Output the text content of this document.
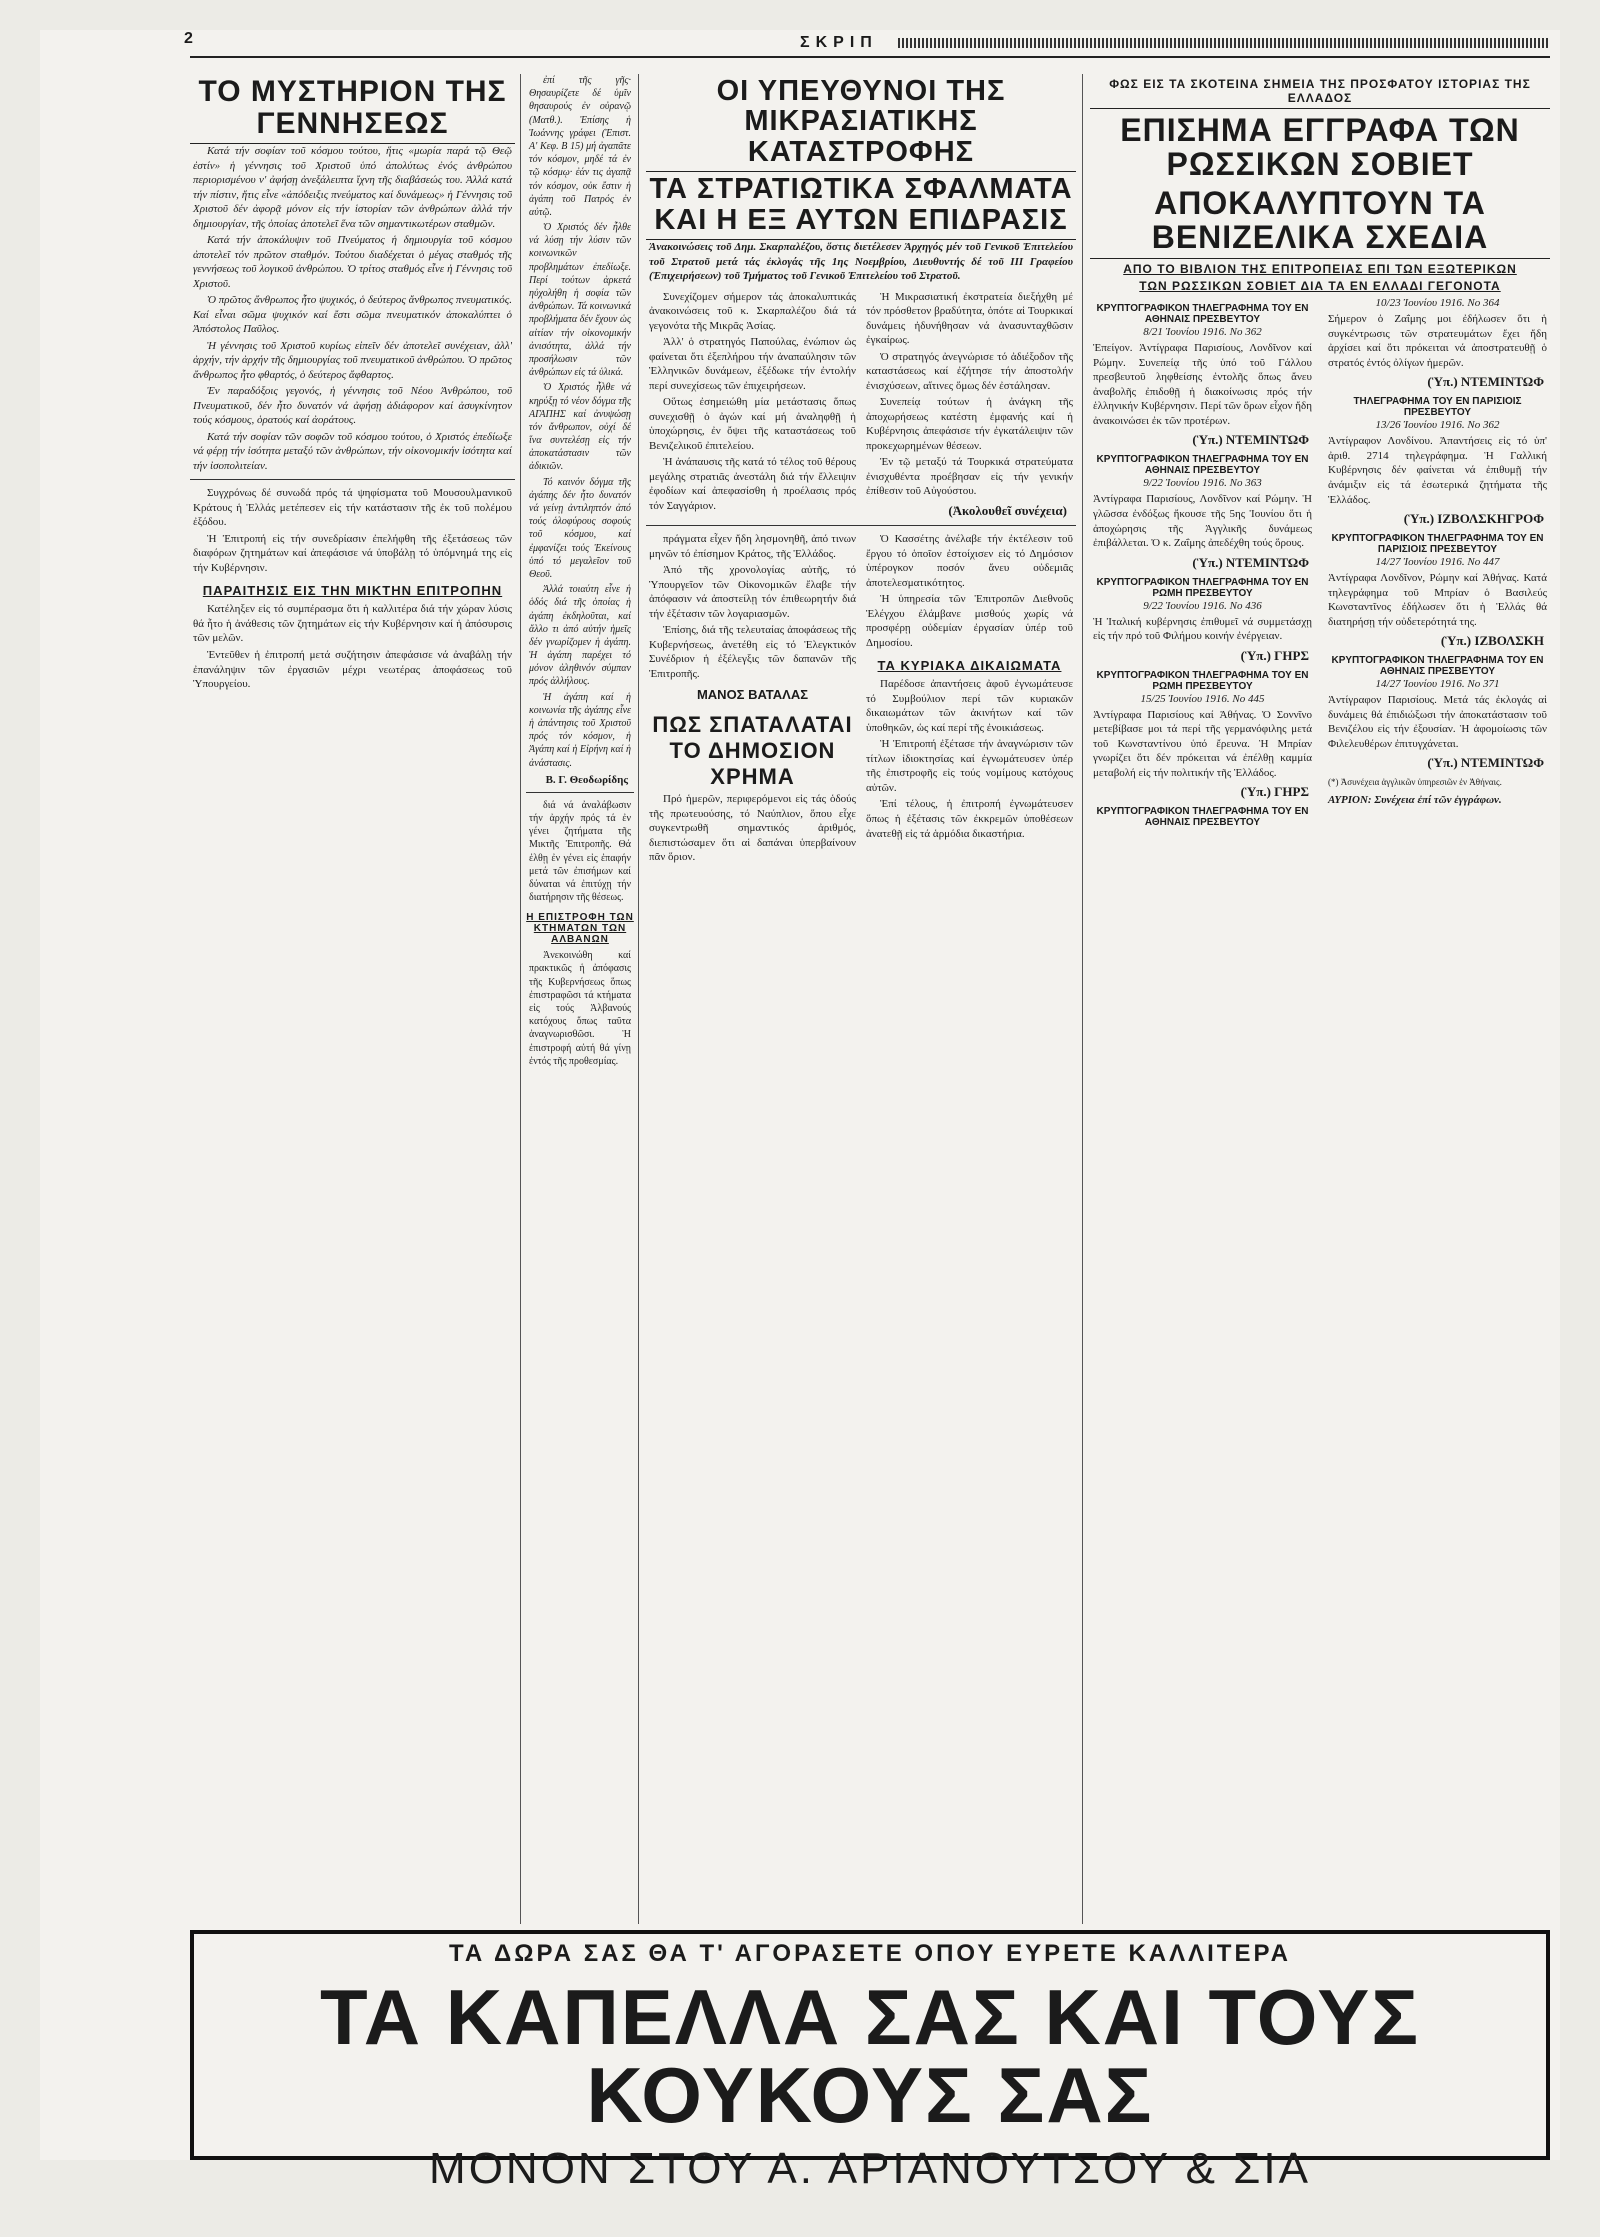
2	ΣΚΡΙΠ
ΤΟ ΜΥΣΤΗΡΙΟΝ ΤΗΣ ΓΕΝΝΗΣΕΩΣ

Κατά τήν σοφίαν τοῦ κόσμου τούτου, ἥτις «μωρία παρά τῷ Θεῷ ἐστίν» ἡ γέννησις τοῦ Χριστοῦ ὑπό ἀπολύτως ἐνός ἀνθρώπου περιορισμένου ν' ἀφήσῃ ἀνεξάλειπτα ἴχνη τῆς διαβάσεώς του. Ἀλλά κατά τήν πίστιν, ἥτις εἶνε «ἀπόδειξις πνεύματος καί δυνάμεως» ἡ Γέννησις τοῦ Χριστοῦ δέν ἀφορᾷ μόνον εἰς τήν ἱστορίαν τῶν ἀνθρώπων ἀλλά τήν δημιουργίαν, τῆς ὁποίας ἀποτελεῖ ἕνα τῶν σημαντικωτέρων σταθμῶν.

Κατά τήν ἀποκάλυψιν τοῦ Πνεύματος ἡ δημιουργία τοῦ κόσμου ἀποτελεῖ τόν πρῶτον σταθμόν. Τούτου διαδέχεται ὁ μέγας σταθμός τῆς γεννήσεως τοῦ λογικοῦ ἀνθρώπου. Ὁ τρίτος σταθμός εἶνε ἡ Γέννησις τοῦ Χριστοῦ.

Ὁ πρῶτος ἄνθρωπος ἦτο ψυχικός, ὁ δεύτερος ἄνθρωπος πνευματικός. Καί εἶναι σῶμα ψυχικόν καί ἔστι σῶμα πνευματικόν ἀποκαλύπτει ὁ Ἀπόστολος Παῦλος.

Ἡ γέννησις τοῦ Χριστοῦ κυρίως εἰπεῖν δέν ἀποτελεῖ συνέχειαν, ἀλλ' ἀρχήν, τήν ἀρχήν τῆς δημιουργίας τοῦ πνευματικοῦ ἀνθρώπου. Ὁ πρῶτος ἄνθρωπος ἦτο φθαρτός, ὁ δεύτερος ἄφθαρτος.

Ἐν παραδόξοις γεγονός, ἡ γέννησις τοῦ Νέου Ἀνθρώπου, τοῦ Πνευματικοῦ, δέν ἦτο δυνατόν νά ἀφήσῃ ἀδιάφορον καί ἀσυγκίνητον τούς κόσμους, ὁρατούς καί ἀοράτους.

Κατά τήν σοφίαν τῶν σοφῶν τοῦ κόσμου τούτου, ὁ Χριστός ἐπεδίωξε νά φέρῃ τήν ἰσότητα μεταξύ τῶν ἀνθρώπων, τήν οἰκονομικήν ἰσότητα καί τήν ἰσοπολιτείαν.

Συγχρόνως δέ συνωδά πρός τά ψηφίσματα τοῦ Μουσουλμανικοῦ Κράτους ἡ Ἑλλάς μετέπεσεν εἰς τήν κατάστασιν τῆς ἐκ τοῦ πολέμου ἐξόδου.

Ἡ Ἐπιτροπή εἰς τήν συνεδρίασιν ἐπελήφθη τῆς ἐξετάσεως τῶν διαφόρων ζητημάτων καί ἀπεφάσισε νά ὑποβάλῃ τό ὑπόμνημά της εἰς τήν Κυβέρνησιν.

ΠΑΡΑΙΤΗΣΙΣ ΕΙΣ ΤΗΝ ΜΙΚΤΗΝ ΕΠΙΤΡΟΠΗΝ

Κατέληξεν εἰς τό συμπέρασμα ὅτι ἡ καλλιτέρα διά τήν χώραν λύσις θά ἦτο ἡ ἀνάθεσις τῶν ζητημάτων εἰς τήν Κυβέρνησιν καί ἡ ἀπόσυρσις τῶν μελῶν.

Ἐντεῦθεν ἡ ἐπιτροπή μετά συζήτησιν ἀπεφάσισε νά ἀναβάλῃ τήν ἐπανάληψιν τῶν ἐργασιῶν μέχρι νεωτέρας ἀποφάσεως τοῦ Ὑπουργείου.

ΟΙ ΥΠΕΥΘΥΝΟΙ ΤΗΣ ΜΙΚΡΑΣΙΑΤΙΚΗΣ ΚΑΤΑΣΤΡΟΦΗΣ
ΤΑ ΣΤΡΑΤΙΩΤΙΚΑ ΣΦΑΛΜΑΤΑ ΚΑΙ Η ΕΞ ΑΥΤΩΝ ΕΠΙΔΡΑΣΙΣ
Ἀνακοινώσεις τοῦ Δημ. Σκαρπαλέζου, ὅστις διετέλεσεν Ἀρχηγός μέν τοῦ Γενικοῦ Ἐπιτελείου τοῦ Στρατοῦ μετά τάς ἐκλογάς τῆς 1ης Νοεμβρίου, Διευθυντής δέ τοῦ ΙΙΙ Γραφείου (Ἐπιχειρήσεων) τοῦ Τμήματος τοῦ Γενικοῦ Ἐπιτελείου τοῦ Στρατοῦ.

Συνεχίζομεν σήμερον τάς ἀποκαλυπτικάς ἀνακοινώσεις τοῦ κ. Σκαρπαλέζου διά τά γεγονότα τῆς Μικρᾶς Ἀσίας.

Ἀλλ' ὁ στρατηγός Παπούλας, ἐνώπιον ὡς φαίνεται ὅτι ἐξεπλήρου τήν ἀναπαύλησιν τῶν Ἑλληνικῶν δυνάμεων, ἐξέδωκε τήν ἐντολήν περί συνεχίσεως τῶν ἐπιχειρήσεων.

Οὕτως ἐσημειώθη μία μετάστασις ὅπως συνεχισθῇ ὁ ἀγών καί μή ἀναληφθῇ ἡ ὑποχώρησις, ἐν ὄψει τῆς καταστάσεως τοῦ Βενιζελικοῦ ἐπιτελείου.

Ἡ ἀνάπαυσις τῆς κατά τό τέλος τοῦ θέρους μεγάλης στρατιᾶς ἀνεστάλη διά τήν ἔλλειψιν ἐφοδίων καί ἀπεφασίσθη ἡ προέλασις πρός τόν Σαγγάριον.

Ἡ Μικρασιατική ἐκστρατεία διεξήχθη μέ τόν πρόσθετον βραδύτητα, ὁπότε αἱ Τουρκικαί δυνάμεις ἠδυνήθησαν νά ἀνασυνταχθῶσιν ἐγκαίρως.

Ὁ στρατηγός ἀνεγνώρισε τό ἀδιέξοδον τῆς καταστάσεως καί ἐζήτησε τήν ἀποστολήν ἐνισχύσεων, αἵτινες ὅμως δέν ἐστάλησαν.

Συνεπείᾳ τούτων ἡ ἀνάγκη τῆς ἀποχωρήσεως κατέστη ἐμφανής καί ἡ Κυβέρνησις ἀπεφάσισε τήν ἐγκατάλειψιν τῶν προκεχωρημένων θέσεων.

Ἐν τῷ μεταξύ τά Τουρκικά στρατεύματα ἐνισχυθέντα προέβησαν εἰς τήν γενικήν ἐπίθεσιν τοῦ Αὐγούστου.

(Ἀκολουθεῖ συνέχεια)

πράγματα εἶχεν ἤδη λησμονηθῆ, ἀπό τινων μηνῶν τό ἐπίσημον Κράτος, τῆς Ἑλλάδος.

Ἀπό τῆς χρονολογίας αὐτῆς, τό Ὑπουργεῖον τῶν Οἰκονομικῶν ἔλαβε τήν ἀπόφασιν νά ἀποστείλῃ τόν ἐπιθεωρητήν διά τήν ἐξέτασιν τῶν λογαριασμῶν.

Ἐπίσης, διά τῆς τελευταίας ἀποφάσεως τῆς Κυβερνήσεως, ἀνετέθη εἰς τό Ἐλεγκτικόν Συνέδριον ἡ ἐξέλεγξις τῶν δαπανῶν τῆς Ἐπιτροπῆς.

ΜΑΝΟΣ ΒΑΤΑΛΑΣ
ΠΩΣ ΣΠΑΤΑΛΑΤΑΙ ΤΟ ΔΗΜΟΣΙΟΝ ΧΡΗΜΑ

Πρό ἡμερῶν, περιφερόμενοι εἰς τάς ὁδούς τῆς πρωτευούσης, τό Ναύπλιον, ὅπου εἶχε συγκεντρωθῆ σημαντικός ἀριθμός, διεπιστώσαμεν ὅτι αἱ δαπάναι ὑπερβαίνουν πᾶν ὅριον.

Ὁ Κασσέτης ἀνέλαβε τήν ἐκτέλεσιν τοῦ ἔργου τό ὁποῖον ἐστοίχισεν εἰς τό Δημόσιον ὑπέρογκον ποσόν ἄνευ οὐδεμιᾶς ἀποτελεσματικότητος.

Ἡ ὑπηρεσία τῶν Ἐπιτροπῶν Διεθνοῦς Ἐλέγχου ἐλάμβανε μισθούς χωρίς νά προσφέρῃ οὐδεμίαν ἐργασίαν ὑπέρ τοῦ Δημοσίου.

ΤΑ ΚΥΡΙΑΚΑ ΔΙΚΑΙΩΜΑΤΑ

Παρέδοσε ἀπαντήσεις ἀφοῦ ἐγνωμάτευσε τό Συμβούλιον περί τῶν κυριακῶν δικαιωμάτων τῶν ἀκινήτων καί τῶν ὑποθηκῶν, ὡς καί περί τῆς ἐνοικιάσεως.

Ἡ Ἐπιτροπή ἐξέτασε τήν ἀναγνώρισιν τῶν τίτλων ἰδιοκτησίας καί ἐγνωμάτευσεν ὑπέρ τῆς ἐπιστροφῆς εἰς τούς νομίμους κατόχους αὐτῶν.

Ἐπί τέλους, ἡ ἐπιτροπή ἐγνωμάτευσεν ὅπως ἡ ἐξέτασις τῶν ἐκκρεμῶν ὑποθέσεων ἀνατεθῇ εἰς τά ἁρμόδια δικαστήρια.

ἐπί τῆς γῆς· Θησαυρίζετε δέ ὑμῖν θησαυρούς ἐν οὐρανῷ (Ματθ.). Ἐπίσης ἡ Ἰωάννης γράφει (Ἐπιστ. Α' Κεφ. Β 15) μή ἀγαπᾶτε τόν κόσμον, μηδέ τά ἐν τῷ κόσμῳ· ἐάν τις ἀγαπᾷ τόν κόσμον, οὐκ ἔστιν ἡ ἀγάπη τοῦ Πατρός ἐν αὐτῷ.

Ὁ Χριστός δέν ἦλθε νά λύσῃ τήν λύσιν τῶν κοινωνικῶν προβλημάτων ἐπεδίωξε. Περί τούτων ἀρκετά ηὐχολήθη ἡ σοφία τῶν ἀνθρώπων. Τά κοινωνικά προβλήματα δέν ἔχουν ὡς αἰτίαν τήν οἰκονομικήν ἀνισότητα, ἀλλά τήν προσήλωσιν τῶν ἀνθρώπων εἰς τά ὑλικά.

Ὁ Χριστός ἦλθε νά κηρύξῃ τό νέον δόγμα τῆς ΑΓΑΠΗΣ καί ἀνυψώσῃ τόν ἄνθρωπον, οὐχί δέ ἵνα συντελέσῃ εἰς τήν ἀποκατάστασιν τῶν ἀδικιῶν.

Τό καινόν δόγμα τῆς ἀγάπης δέν ἦτο δυνατόν νά γείνῃ ἀντιληπτόν ἀπό τούς ὁλοφύρους σοφούς τοῦ κόσμου, καί ἐμφανίζει τούς Ἐκείνους ὑπό τό μεγαλεῖον τοῦ Θεοῦ.

Ἀλλά τοιαύτη εἶνε ἡ ὁδός διά τῆς ὁποίας ἡ ἀγάπη ἐκδηλοῦται, καί ἄλλο τι ἀπό αὐτήν ἡμεῖς δέν γνωρίζομεν ἡ ἀγάπη. Ἡ ἀγάπη παρέχει τό μόνον ἀληθινόν σύμπαν πρός ἀλλήλους.

Ἡ ἀγάπη καί ἡ κοινωνία τῆς ἀγάπης εἶνε ἡ ἀπάντησις τοῦ Χριστοῦ πρός τόν κόσμον, ἡ Ἀγάπη καί ἡ Εἰρήνη καί ἡ ἀνάστασις.

Β. Γ. Θεοδωρίδης

διά νά ἀναλάβωσιν τήν ἀρχήν πρός τά ἐν γένει ζητήματα τῆς Μικτῆς Ἐπιτροπῆς. Θά ἐλθῃ ἐν γένει εἰς ἐπαφήν μετά τῶν ἐπισήμων καί δύναται νά ἐπιτύχῃ τήν διατήρησιν τῆς θέσεως.

Η ΕΠΙΣΤΡΟΦΗ ΤΩΝ ΚΤΗΜΑΤΩΝ ΤΩΝ ΑΛΒΑΝΩΝ

Ἀνεκοινώθη καί πρακτικῶς ἡ ἀπόφασις τῆς Κυβερνήσεως ὅπως ἐπιστραφῶσι τά κτήματα εἰς τούς Ἀλβανούς κατόχους ὅπως ταῦτα ἀναγνωρισθῶσι. Ἡ ἐπιστροφή αὐτή θά γίνῃ ἐντός τῆς προθεσμίας.

ΦΩΣ ΕΙΣ ΤΑ ΣΚΟΤΕΙΝΑ ΣΗΜΕΙΑ ΤΗΣ ΠΡΟΣΦΑΤΟΥ ΙΣΤΟΡΙΑΣ ΤΗΣ ΕΛΛΑΔΟΣ
ΕΠΙΣΗΜΑ ΕΓΓΡΑΦΑ ΤΩΝ ΡΩΣΣΙΚΩΝ ΣΟΒΙΕΤ
ΑΠΟΚΑΛΥΠΤΟΥΝ ΤΑ ΒΕΝΙΖΕΛΙΚΑ ΣΧΕΔΙΑ
ΑΠΟ ΤΟ ΒΙΒΛΙΟΝ ΤΗΣ ΕΠΙΤΡΟΠΕΙΑΣ ΕΠΙ ΤΩΝ ΕΞΩΤΕΡΙΚΩΝ
ΤΩΝ ΡΩΣΣΙΚΩΝ ΣΟΒΙΕΤ ΔΙΑ ΤΑ ΕΝ ΕΛΛΑΔΙ ΓΕΓΟΝΟΤΑ
ΚΡΥΠΤΟΓΡΑΦΙΚΟΝ ΤΗΛΕΓΡΑΦΗΜΑ ΤΟΥ ΕΝ ΑΘΗΝΑΙΣ ΠΡΕΣΒΕΥΤΟΥ
8/21 Ἰουνίου 1916. Νο 362
Ἐπείγον. Ἀντίγραφα Παρισίους, Λονδῖνον καί Ρώμην. Συνεπείᾳ τῆς ὑπό τοῦ Γάλλου πρεσβευτοῦ ληφθείσης ἐντολῆς ὅπως ἄνευ ἀναβολῆς ἐπιδοθῇ ἡ διακοίνωσις πρός τήν ἑλληνικήν Κυβέρνησιν. Περί τῶν ὅρων εἶχον ἤδη ἀνακοινώσει ἐκ τῶν προτέρων.
(Ὑπ.) ΝΤΕΜΙΝΤΩΦ
ΚΡΥΠΤΟΓΡΑΦΙΚΟΝ ΤΗΛΕΓΡΑΦΗΜΑ ΤΟΥ ΕΝ ΑΘΗΝΑΙΣ ΠΡΕΣΒΕΥΤΟΥ
9/22 Ἰουνίου 1916. Νο 363
Ἀντίγραφα Παρισίους, Λονδῖνον καί Ρώμην. Ἡ γλῶσσα ἐνδόξως ἤκουσε τῆς 5ης Ἰουνίου ὅτι ἡ ἀποχώρησις τῆς Ἀγγλικῆς δυνάμεως ἐπιβάλλεται. Ὁ κ. Ζαΐμης ἀπεδέχθη τούς ὅρους.
(Ὑπ.) ΝΤΕΜΙΝΤΩΦ
ΚΡΥΠΤΟΓΡΑΦΙΚΟΝ ΤΗΛΕΓΡΑΦΗΜΑ ΤΟΥ ΕΝ ΡΩΜΗ ΠΡΕΣΒΕΥΤΟΥ
9/22 Ἰουνίου 1916. Νο 436
Ἡ Ἰταλική κυβέρνησις ἐπιθυμεῖ νά συμμετάσχῃ εἰς τήν πρό τοῦ Φιλήμου κοινήν ἐνέργειαν.
(Ὑπ.) ΓΗΡΣ
ΚΡΥΠΤΟΓΡΑΦΙΚΟΝ ΤΗΛΕΓΡΑΦΗΜΑ ΤΟΥ ΕΝ ΡΩΜΗ ΠΡΕΣΒΕΥΤΟΥ
15/25 Ἰουνίου 1916. Νο 445
Ἀντίγραφα Παρισίους καί Ἀθήνας. Ὁ Σοννῖνο μετεβίβασε μοι τά περί τῆς γερμανόφιλης μετά τοῦ Κωνσταντίνου ὑπό ἔρευνα. Ἡ Μπρίαν γνωρίζει ὅτι δέν πρόκειται νά ἐπέλθῃ καμμία μεταβολή εἰς τήν πολιτικήν τῆς Ἑλλάδος.
(Ὑπ.) ΓΗΡΣ
ΚΡΥΠΤΟΓΡΑΦΙΚΟΝ ΤΗΛΕΓΡΑΦΗΜΑ ΤΟΥ ΕΝ ΑΘΗΝΑΙΣ ΠΡΕΣΒΕΥΤΟΥ
10/23 Ἰουνίου 1916. Νο 364
Σήμερον ὁ Ζαΐμης μοι ἐδήλωσεν ὅτι ἡ συγκέντρωσις τῶν στρατευμάτων ἔχει ἤδη ἀρχίσει καί ὅτι πρόκειται νά ἀποστρατευθῇ ὁ στρατός ἐντός ὀλίγων ἡμερῶν.
(Ὑπ.) ΝΤΕΜΙΝΤΩΦ
ΤΗΛΕΓΡΑΦΗΜΑ ΤΟΥ ΕΝ ΠΑΡΙΣΙΟΙΣ ΠΡΕΣΒΕΥΤΟΥ
13/26 Ἰουνίου 1916. Νο 362
Ἀντίγραφον Λονδίνου. Ἀπαντήσεις εἰς τό ὑπ' ἀριθ. 2714 τηλεγράφημα. Ἡ Γαλλική Κυβέρνησις δέν φαίνεται νά ἐπιθυμῇ τήν ἀνάμιξιν εἰς τά ἐσωτερικά ζητήματα τῆς Ἑλλάδος.
(Ὑπ.) ΙΖΒΟΛΣΚΗΓΡΟΦ
ΚΡΥΠΤΟΓΡΑΦΙΚΟΝ ΤΗΛΕΓΡΑΦΗΜΑ ΤΟΥ ΕΝ ΠΑΡΙΣΙΟΙΣ ΠΡΕΣΒΕΥΤΟΥ
14/27 Ἰουνίου 1916. Νο 447
Ἀντίγραφα Λονδῖνον, Ρώμην καί Ἀθήνας. Κατά τηλεγράφημα τοῦ Μπρίαν ὁ Βασιλεύς Κωνσταντῖνος ἐδήλωσεν ὅτι ἡ Ἑλλάς θά διατηρήσῃ τήν οὐδετερότητά της.
(Ὑπ.) ΙΖΒΟΛΣΚΗ
ΚΡΥΠΤΟΓΡΑΦΙΚΟΝ ΤΗΛΕΓΡΑΦΗΜΑ ΤΟΥ ΕΝ ΑΘΗΝΑΙΣ ΠΡΕΣΒΕΥΤΟΥ
14/27 Ἰουνίου 1916. Νο 371
Ἀντίγραφον Παρισίους. Μετά τάς ἐκλογάς αἱ δυνάμεις θά ἐπιδιώξωσι τήν ἀποκατάστασιν τοῦ Βενιζέλου εἰς τήν ἐξουσίαν. Ἡ ἀφομοίωσις τῶν Φιλελευθέρων ἐπιτυγχάνεται.
(Ὑπ.) ΝΤΕΜΙΝΤΩΦ
(*) Ἀσυνέχεια ἀγγλικῶν ὑπηρεσιῶν ἐν Ἀθήναις.
ΑΥΡΙΟΝ: Συνέχεια ἐπί τῶν ἐγγράφων.
ΤΑ ΔΩΡΑ ΣΑΣ ΘΑ Τ' ΑΓΟΡΑΣΕΤΕ ΟΠΟΥ ΕΥΡΕΤΕ ΚΑΛΛΙΤΕΡΑ
ΤΑ ΚΑΠΕΛΛΑ ΣΑΣ ΚΑΙ ΤΟΥΣ ΚΟΥΚΟΥΣ ΣΑΣ
ΜΟΝΟΝ ΣΤΟΥ Α. ΑΡΙΑΝΟΥΤΣΟΥ & ΣΙΑ
